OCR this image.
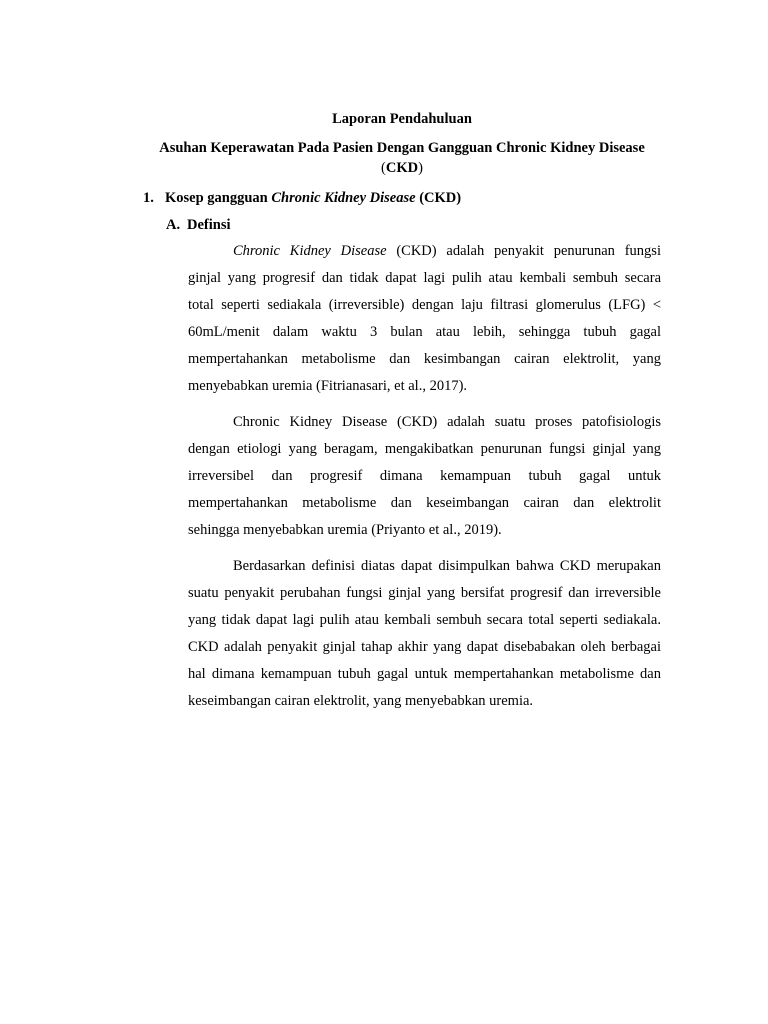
Laporan Pendahuluan
Asuhan Keperawatan Pada Pasien Dengan Gangguan Chronic Kidney Disease
(CKD)
1. Kosep gangguan Chronic Kidney Disease (CKD)
A. Definsi
Chronic Kidney Disease (CKD) adalah penyakit penurunan fungsi
ginjal yang progresif dan tidak dapat lagi pulih atau kembali sembuh secara
total seperti sediakala (irreversible) dengan laju filtrasi glomerulus (LFG) <
60mL/menit dalam waktu 3 bulan atau lebih, sehingga tubuh gagal
mempertahankan metabolisme dan kesimbangan cairan elektrolit, yang
menyebabkan uremia (Fitrianasari, et al., 2017).
Chronic Kidney Disease (CKD) adalah suatu proses patofisiologis
dengan etiologi yang beragam, mengakibatkan penurunan fungsi ginjal yang
irreversibel dan progresif dimana kemampuan tubuh gagal untuk
mempertahankan metabolisme dan keseimbangan cairan dan elektrolit
sehingga menyebabkan uremia (Priyanto et al., 2019).
Berdasarkan definisi diatas dapat disimpulkan bahwa CKD merupakan
suatu penyakit perubahan fungsi ginjal yang bersifat progresif dan irreversible
yang tidak dapat lagi pulih atau kembali sembuh secara total seperti sediakala.
CKD adalah penyakit ginjal tahap akhir yang dapat disebabakan oleh berbagai
hal dimana kemampuan tubuh gagal untuk mempertahankan metabolisme dan
keseimbangan cairan elektrolit, yang menyebabkan uremia.
